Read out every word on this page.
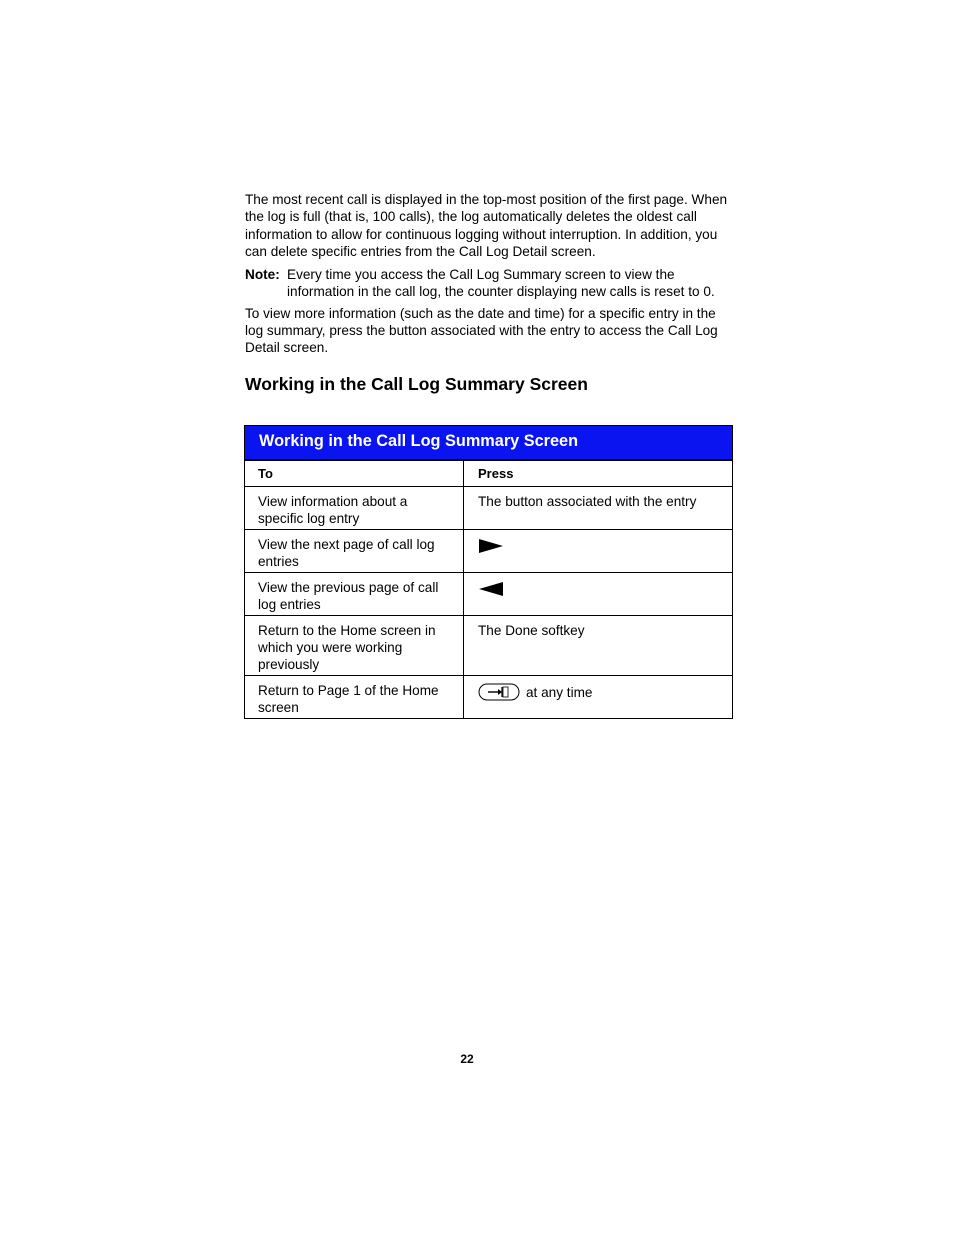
The most recent call is displayed in the top-most position of the first page. When the log is full (that is, 100 calls), the log automatically deletes the oldest call information to allow for continuous logging without interruption. In addition, you can delete specific entries from the Call Log Detail screen.

Note: Every time you access the Call Log Summary screen to view the information in the call log, the counter displaying new calls is reset to 0.

To view more information (such as the date and time) for a specific entry in the log summary, press the button associated with the entry to access the Call Log Detail screen.

Working in the Call Log Summary Screen
Working in the Call Log Summary Screen
To	Press
View information about a specific log entry
The button associated with the entry
View the next page of call log entries
View the previous page of call log entries
Return to the Home screen in which you were working previously
The Done softkey
Return to Page 1 of the Home screen
at any time
22
